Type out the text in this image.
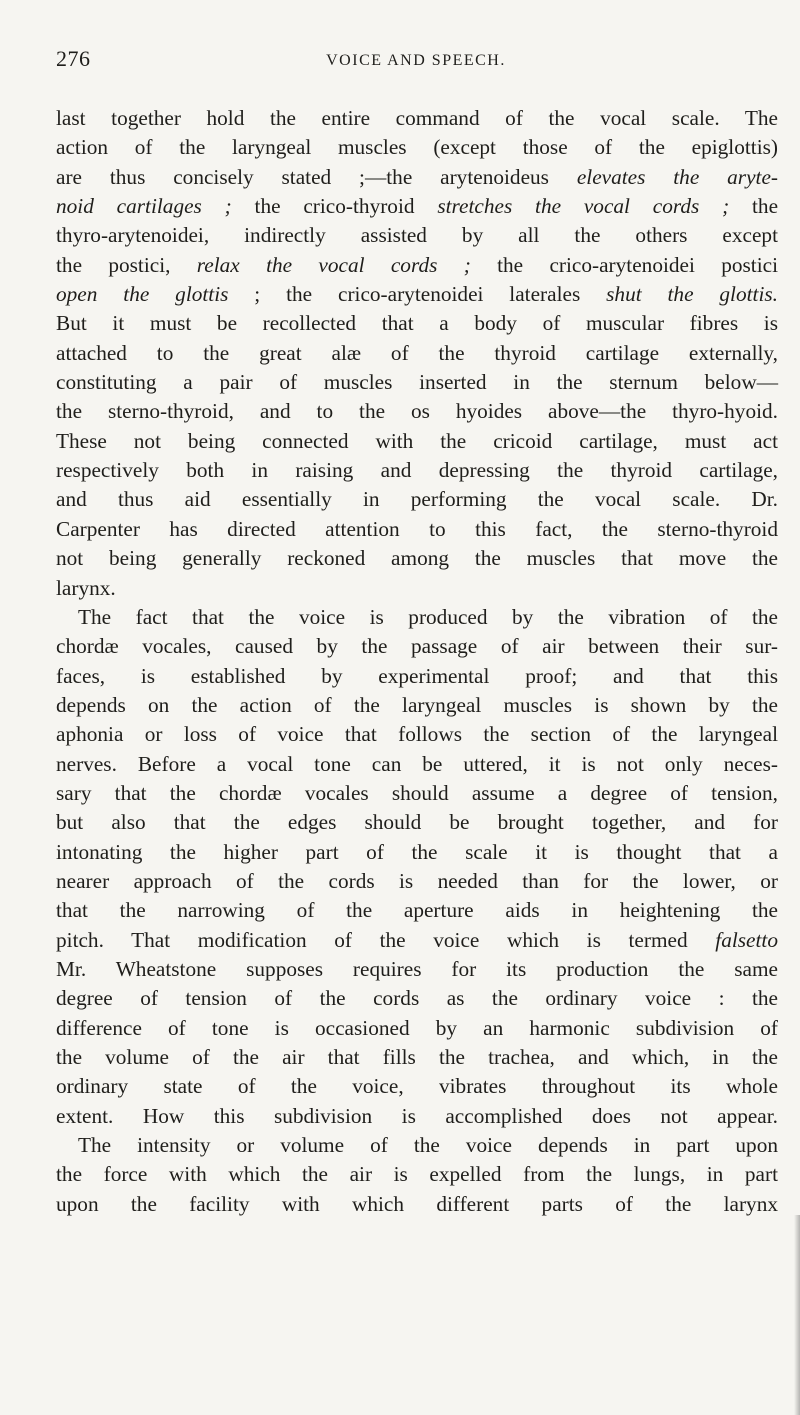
276	VOICE AND SPEECH.
last together hold the entire command of the vocal scale. The
action of the laryngeal muscles (except those of the epiglottis)
are thus concisely stated ;—the arytenoideus elevates the aryte-
noid cartilages ; the crico-thyroid stretches the vocal cords ; the
thyro-arytenoidei, indirectly assisted by all the others except
the postici, relax the vocal cords ; the crico-arytenoidei postici
open the glottis ; the crico-arytenoidei laterales shut the glottis.
But it must be recollected that a body of muscular fibres is
attached to the great alæ of the thyroid cartilage externally,
constituting a pair of muscles inserted in the sternum below—
the sterno-thyroid, and to the os hyoides above—the thyro-hyoid.
These not being connected with the cricoid cartilage, must act
respectively both in raising and depressing the thyroid cartilage,
and thus aid essentially in performing the vocal scale. Dr.
Carpenter has directed attention to this fact, the sterno-thyroid
not being generally reckoned among the muscles that move the
larynx.
The fact that the voice is produced by the vibration of the
chordæ vocales, caused by the passage of air between their sur-
faces, is established by experimental proof; and that this
depends on the action of the laryngeal muscles is shown by the
aphonia or loss of voice that follows the section of the laryngeal
nerves. Before a vocal tone can be uttered, it is not only neces-
sary that the chordæ vocales should assume a degree of tension,
but also that the edges should be brought together, and for
intonating the higher part of the scale it is thought that a
nearer approach of the cords is needed than for the lower, or
that the narrowing of the aperture aids in heightening the
pitch. That modification of the voice which is termed falsetto
Mr. Wheatstone supposes requires for its production the same
degree of tension of the cords as the ordinary voice : the
difference of tone is occasioned by an harmonic subdivision of
the volume of the air that fills the trachea, and which, in the
ordinary state of the voice, vibrates throughout its whole
extent. How this subdivision is accomplished does not appear.
The intensity or volume of the voice depends in part upon
the force with which the air is expelled from the lungs, in part
upon the facility with which different parts of the larynx
